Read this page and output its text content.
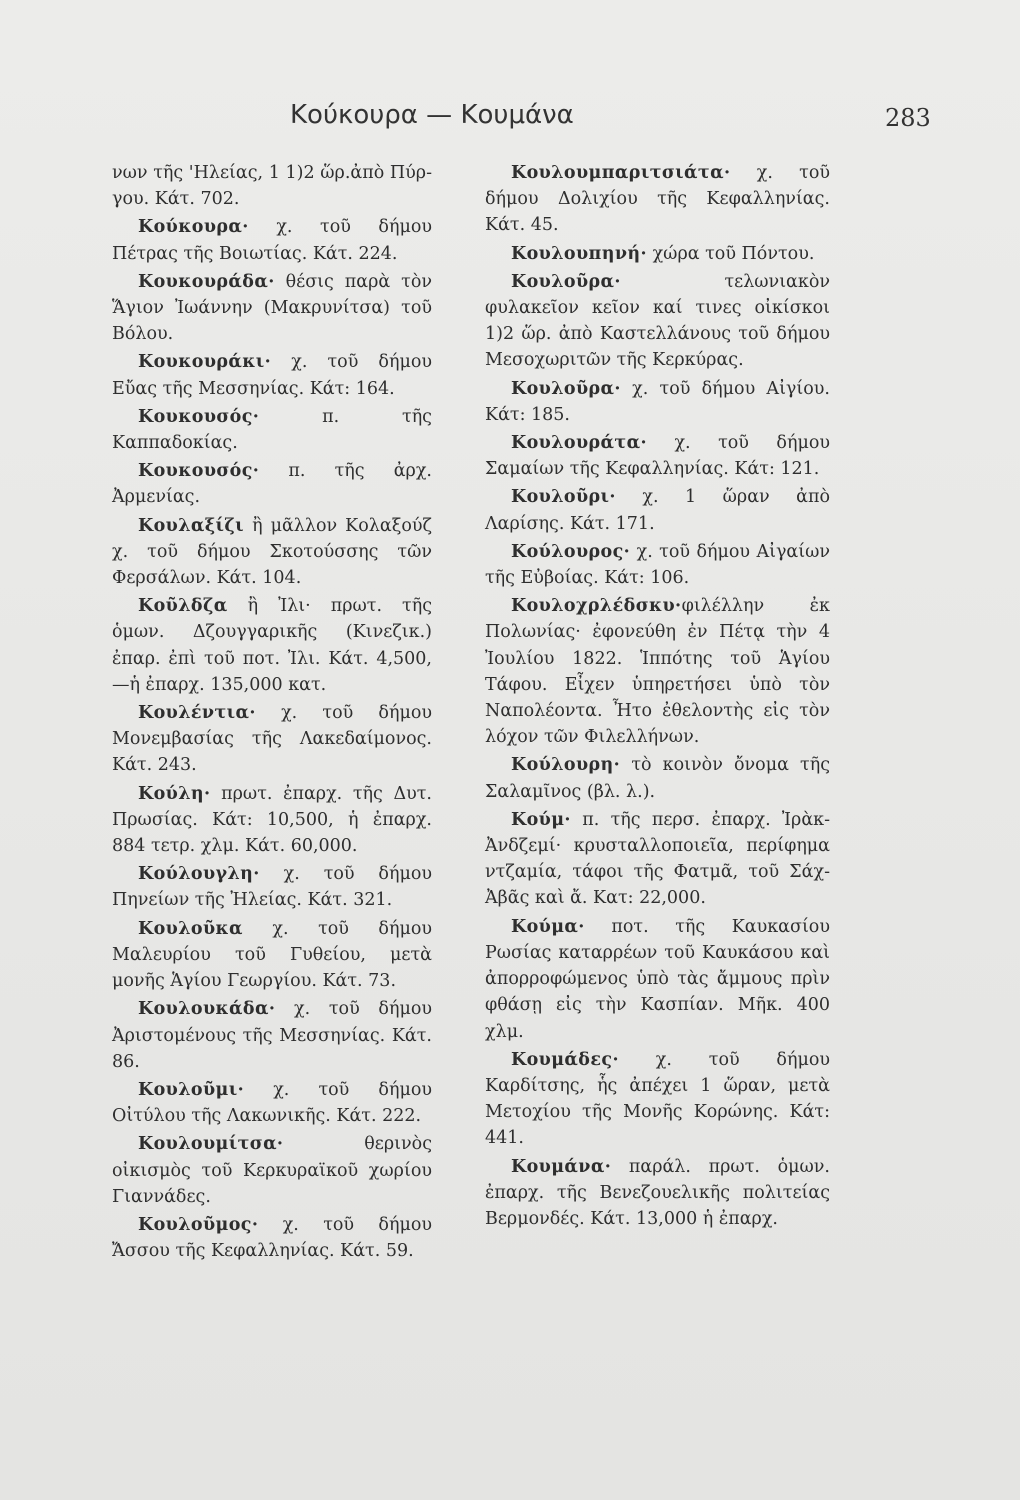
Κούκουρα — Κουμάνα	283
νων τῆς 'Ηλείας, 1 1)2 ὥρ.ἀπὸ Πύρ-γου. Κάτ. 702.
Κούκουρα· χ. τοῦ δήμου Πέτρας τῆς Βοιωτίας. Κάτ. 224.
Κουκουράδα· θέσις παρὰ τὸν Ἅγιον Ἰωάννην (Μακρυνίτσα) τοῦ Βόλου.
Κουκουράκι· χ. τοῦ δήμου Εὔας τῆς Μεσσηνίας. Κάτ: 164.
Κουκουσός· π. τῆς Καππαδοκίας.
Κουκουσός· π. τῆς ἀρχ. Ἀρμενίας.
Κουλαξίζι ἢ μᾶλλον Κολαξούζ χ. τοῦ δήμου Σκοτούσσης τῶν Φερσάλων. Κάτ. 104.
Κοῦλδζα ἢ Ἰλι· πρωτ. τῆς ὁμων. Δζουγγαρικῆς (Κινεζικ.) ἐπαρ. ἐπὶ τοῦ ποτ. Ἰλι. Κάτ. 4,500,—ἡ ἐπαρχ. 135,000 κατ.
Κουλέντια· χ. τοῦ δήμου Μονεμβασίας τῆς Λακεδαίμονος. Κάτ. 243.
Κούλη· πρωτ. ἐπαρχ. τῆς Δυτ. Πρωσίας. Κάτ: 10,500, ἡ ἐπαρχ. 884 τετρ. χλμ. Κάτ. 60,000.
Κούλουγλη· χ. τοῦ δήμου Πηνείων τῆς Ἠλείας. Κάτ. 321.
Κουλοῦκα χ. τοῦ δήμου Μαλευρίου τοῦ Γυθείου, μετὰ μονῆς Ἁγίου Γεωργίου. Κάτ. 73.
Κουλουκάδα· χ. τοῦ δήμου Ἀριστομένους τῆς Μεσσηνίας. Κάτ. 86.
Κουλοῦμι· χ. τοῦ δήμου Οἰτύλου τῆς Λακωνικῆς. Κάτ. 222.
Κουλουμίτσα· θερινὸς οἰκισμὸς τοῦ Κερκυραϊκοῦ χωρίου Γιαννάδες.
Κουλοῦμος· χ. τοῦ δήμου Ἄσσου τῆς Κεφαλληνίας. Κάτ. 59.
Κουλουμπαριτσιάτα· χ. τοῦ δήμου Δολιχίου τῆς Κεφαλληνίας. Κάτ. 45.
Κουλουπηνή· χώρα τοῦ Πόντου.
Κουλοῦρα· τελωνιακὸν φυλακεῖον κεῖον καί τινες οἰκίσκοι 1)2 ὥρ. ἀπὸ Καστελλάνους τοῦ δήμου Μεσοχωριτῶν τῆς Κερκύρας.
Κουλοῦρα· χ. τοῦ δήμου Αἰγίου. Κάτ: 185.
Κουλουράτα· χ. τοῦ δήμου Σαμαίων τῆς Κεφαλληνίας. Κάτ: 121.
Κουλοῦρι· χ. 1 ὥραν ἀπὸ Λαρίσης. Κάτ. 171.
Κούλουρος· χ. τοῦ δήμου Αἰγαίων τῆς Εὐβοίας. Κάτ: 106.
Κουλοχρλέδσκυ·φιλέλλην ἐκ Πολωνίας· ἐφονεύθη ἐν Πέτᾳ τὴν 4 Ἰουλίου 1822. Ἱππότης τοῦ Ἁγίου Τάφου. Εἶχεν ὑπηρετήσει ὑπὸ τὸν Ναπολέοντα. Ἦτο ἐθελοντὴς εἰς τὸν λόχον τῶν Φιλελλήνων.
Κούλουρη· τὸ κοινὸν ὄνομα τῆς Σαλαμῖνος (βλ. λ.).
Κούμ· π. τῆς περσ. ἐπαρχ. Ἰρὰκ-Ἀνδζεμί· κρυσταλλοποιεῖα, περίφημα ντζαμία, τάφοι τῆς Φατμᾶ, τοῦ Σάχ-Ἀβᾶς καὶ ἄ. Κατ: 22,000.
Κούμα· ποτ. τῆς Καυκασίου Ρωσίας καταρρέων τοῦ Καυκάσου καὶ ἀπορροφώμενος ὑπὸ τὰς ἄμμους πρὶν φθάσῃ εἰς τὴν Κασπίαν. Μῆκ. 400 χλμ.
Κουμάδες· χ. τοῦ δήμου Καρδίτσης, ἧς ἀπέχει 1 ὥραν, μετὰ Μετοχίου τῆς Μονῆς Κορώνης. Κάτ: 441.
Κουμάνα· παράλ. πρωτ. ὁμων. ἐπαρχ. τῆς Βενεζουελικῆς πολιτείας Βερμονδές. Κάτ. 13,000 ἡ ἐπαρχ.
